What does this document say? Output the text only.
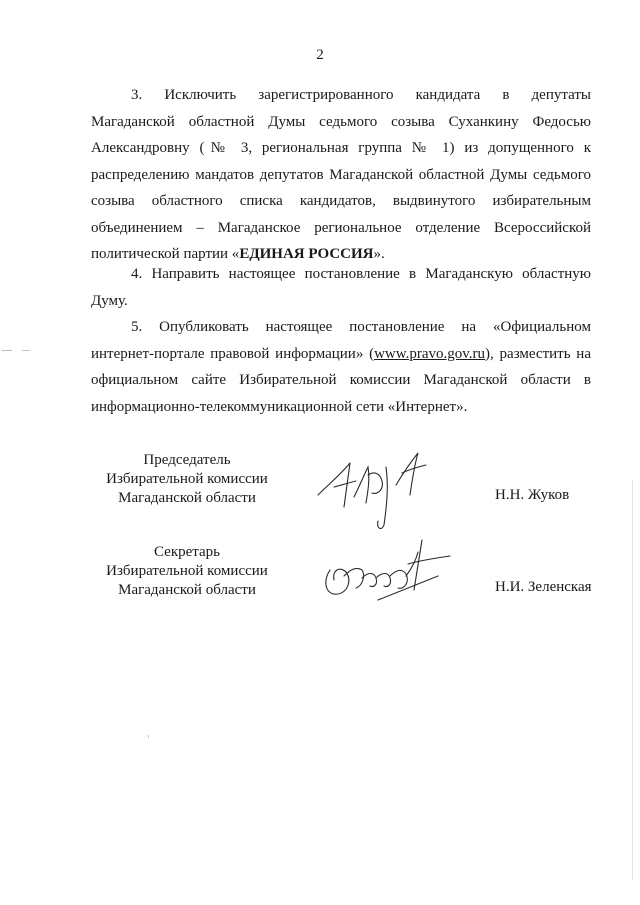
2
3. Исключить зарегистрированного кандидата в депутаты
Магаданской областной Думы седьмого созыва Суханкину Федосью
Александровну (№ 3, региональная группа № 1) из допущенного к
распределению мандатов депутатов Магаданской областной Думы седьмого
созыва областного списка кандидатов, выдвинутого избирательным
объединением – Магаданское региональное отделение Всероссийской
политической партии «ЕДИНАЯ РОССИЯ».
4. Направить настоящее постановление в Магаданскую областную
Думу.
5. Опубликовать настоящее постановление на «Официальном
интернет-портале правовой информации» (www.pravo.gov.ru), разместить на
официальном сайте Избирательной комиссии Магаданской области в
информационно-телекоммуникационной сети «Интернет».
Председатель
Избирательной комиссии
Магаданской области	Н.Н. Жуков
Секретарь
Избирательной комиссии
Магаданской области	Н.И. Зеленская
